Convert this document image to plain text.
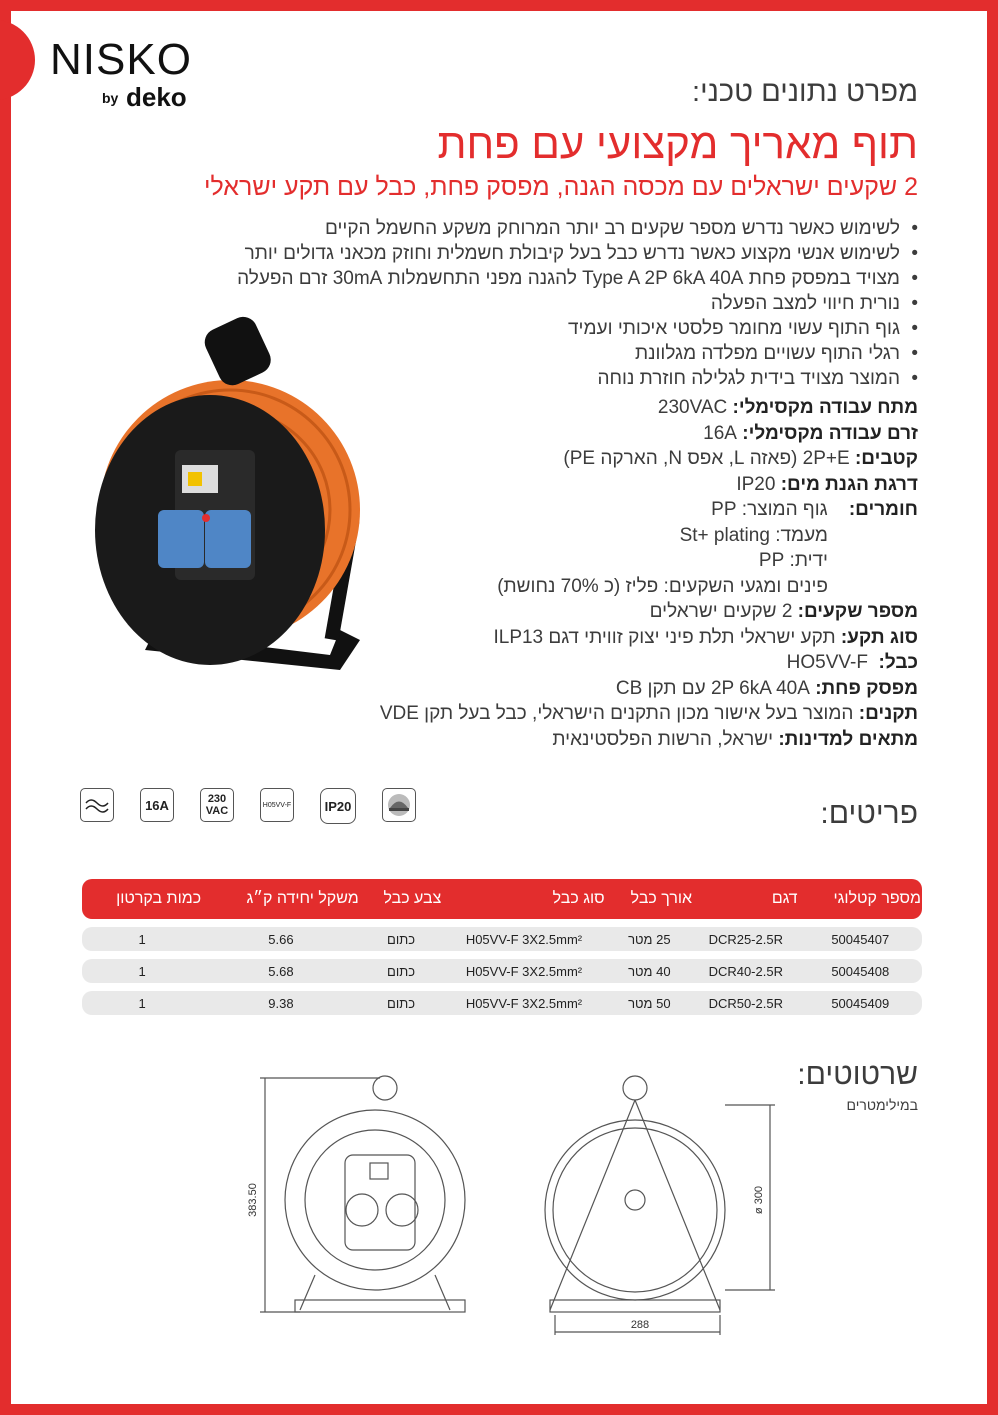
NISKO
by deko	מפרט נתונים טכני:
תוף מאריך מקצועי עם פחת
2 שקעים ישראלים עם מכסה הגנה, מפסק פחת, כבל עם תקע ישראלי
• לשימוש כאשר נדרש מספר שקעים רב יותר המרוחק משקע החשמל הקיים
• לשימוש אנשי מקצוע כאשר נדרש כבל בעל קיבולת חשמלית וחוזק מכאני גדולים יותר
• מצויד במפסק פחת Type A 2P 6kA 40A להגנה מפני התחשמלות 30mA זרם הפעלה
• נורית חיווי למצב הפעלה
• גוף התוף עשוי מחומר פלסטי איכותי ועמיד
• רגלי התוף עשויים מפלדה מגלוונת
• המוצר מצויד בידית לגלילה חוזרת נוחה
מתח עבודה מקסימלי: 230VAC
זרם עבודה מקסימלי: 16A
קטבים: 2P+E (פאזה L, אפס N, הארקה PE)
דרגת הגנת מים: IP20
חומרים:    גוף המוצר: PP
מעמד: St+ plating
ידית: PP
פינים ומגעי השקעים: פליז (כ 70% נחושת)
מספר שקעים: 2 שקעים ישראלים
סוג תקע: תקע ישראלי תלת פיני יצוק זוויתי דגם ILP13
כבל:  HO5VV-F
מפסק פחת: 2P 6kA 40A עם תקן CB
תקנים: המוצר בעל אישור מכון התקנים הישראלי, כבל בעל תקן VDE
מתאים למדינות: ישראל, הרשות הפלסטינאית
16A	230 VAC	H05VV-F	IP20	פריטים:
מספר קטלוגי	דגם	אורך כבל	סוג כבל	צבע כבל	משקל יחידה ק״ג	כמות בקרטון
50045407	DCR25-2.5R	25 מטר	H05VV-F 3X2.5mm²	כתום	5.66	1
50045408	DCR40-2.5R	40 מטר	H05VV-F 3X2.5mm²	כתום	5.68	1
50045409	DCR50-2.5R	50 מטר	H05VV-F 3X2.5mm²	כתום	9.38	1
שרטוטים:
במילימטרים
383.50	ø 300
288
